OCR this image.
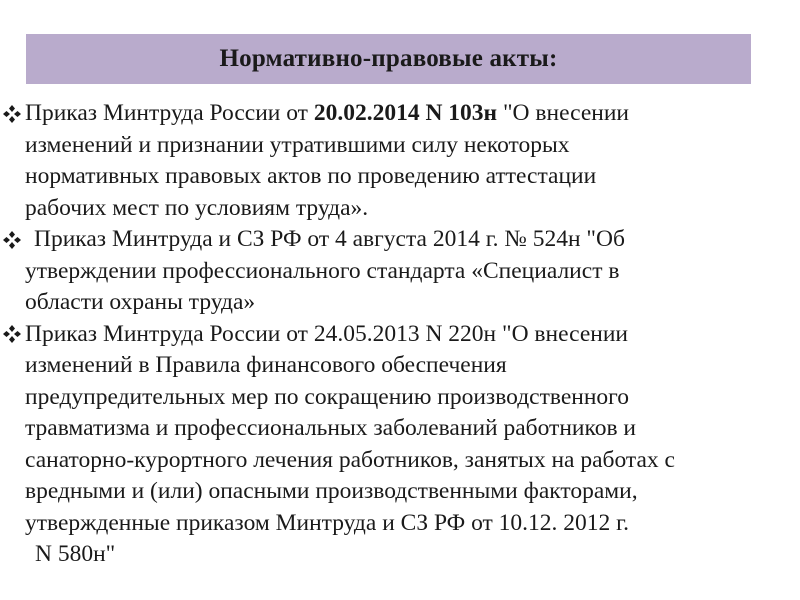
Нормативно-правовые акты:
Приказ Минтруда России от 20.02.2014 N 103н "О внесении
изменений и признании утратившими силу некоторых
нормативных правовых актов по проведению аттестации
рабочих мест по условиям труда».
Приказ Минтруда и СЗ РФ от 4 августа 2014 г. № 524н "Об
утверждении профессионального стандарта «Специалист в
области охраны труда»
Приказ Минтруда России от 24.05.2013 N 220н "О внесении
изменений в Правила финансового обеспечения
предупредительных мер по сокращению производственного
травматизма и профессиональных заболеваний работников и
санаторно-курортного лечения работников, занятых на работах с
вредными и (или) опасными производственными факторами,
утвержденные приказом Минтруда и СЗ РФ от 10.12. 2012 г.
N 580н"
